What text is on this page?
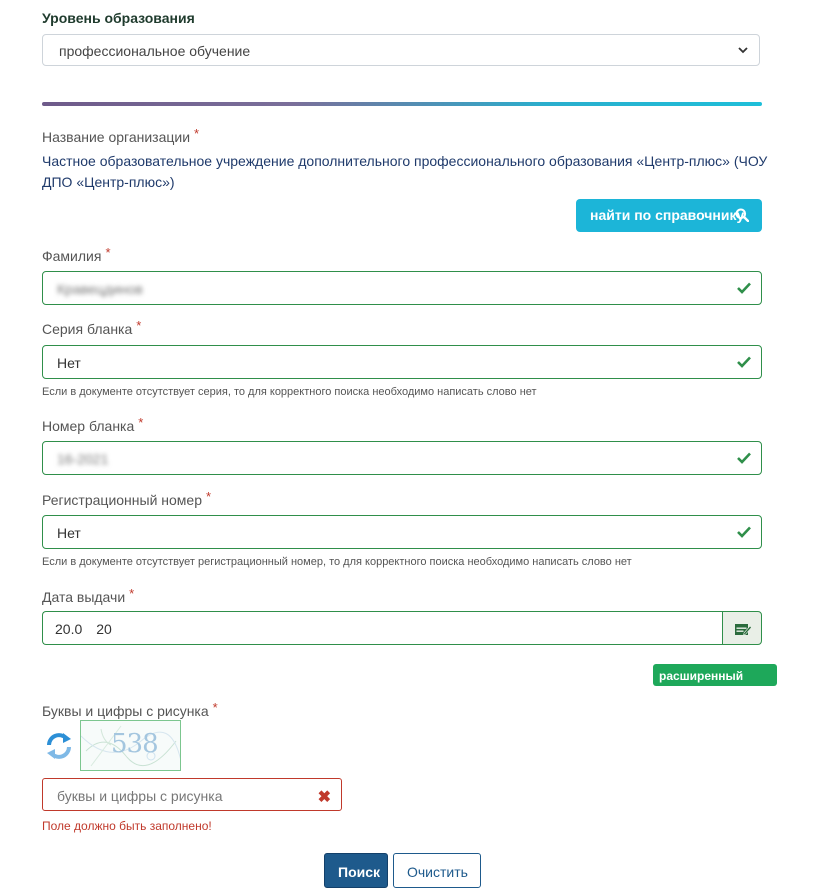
Уровень образования
профессиональное обучение
Название организации *
Частное образовательное учреждение дополнительного профессионального образования «Центр-плюс» (ЧОУ ДПО «Центр-плюс»)
найти по справочнику
Фамилия *
Кравецдинов
Серия бланка *
Нет
Если в документе отсутствует серия, то для корректного поиска необходимо написать слово нет
Номер бланка *
16-2021
Регистрационный номер *
Нет
Если в документе отсутствует регистрационный номер, то для корректного поиска необходимо написать слово нет
Дата выдачи *
20.0 20
расширенный поиск
Буквы и цифры с рисунка *
538
буквы и цифры с рисунка	✖
Поле должно быть заполнено!
Поиск	Очистить
